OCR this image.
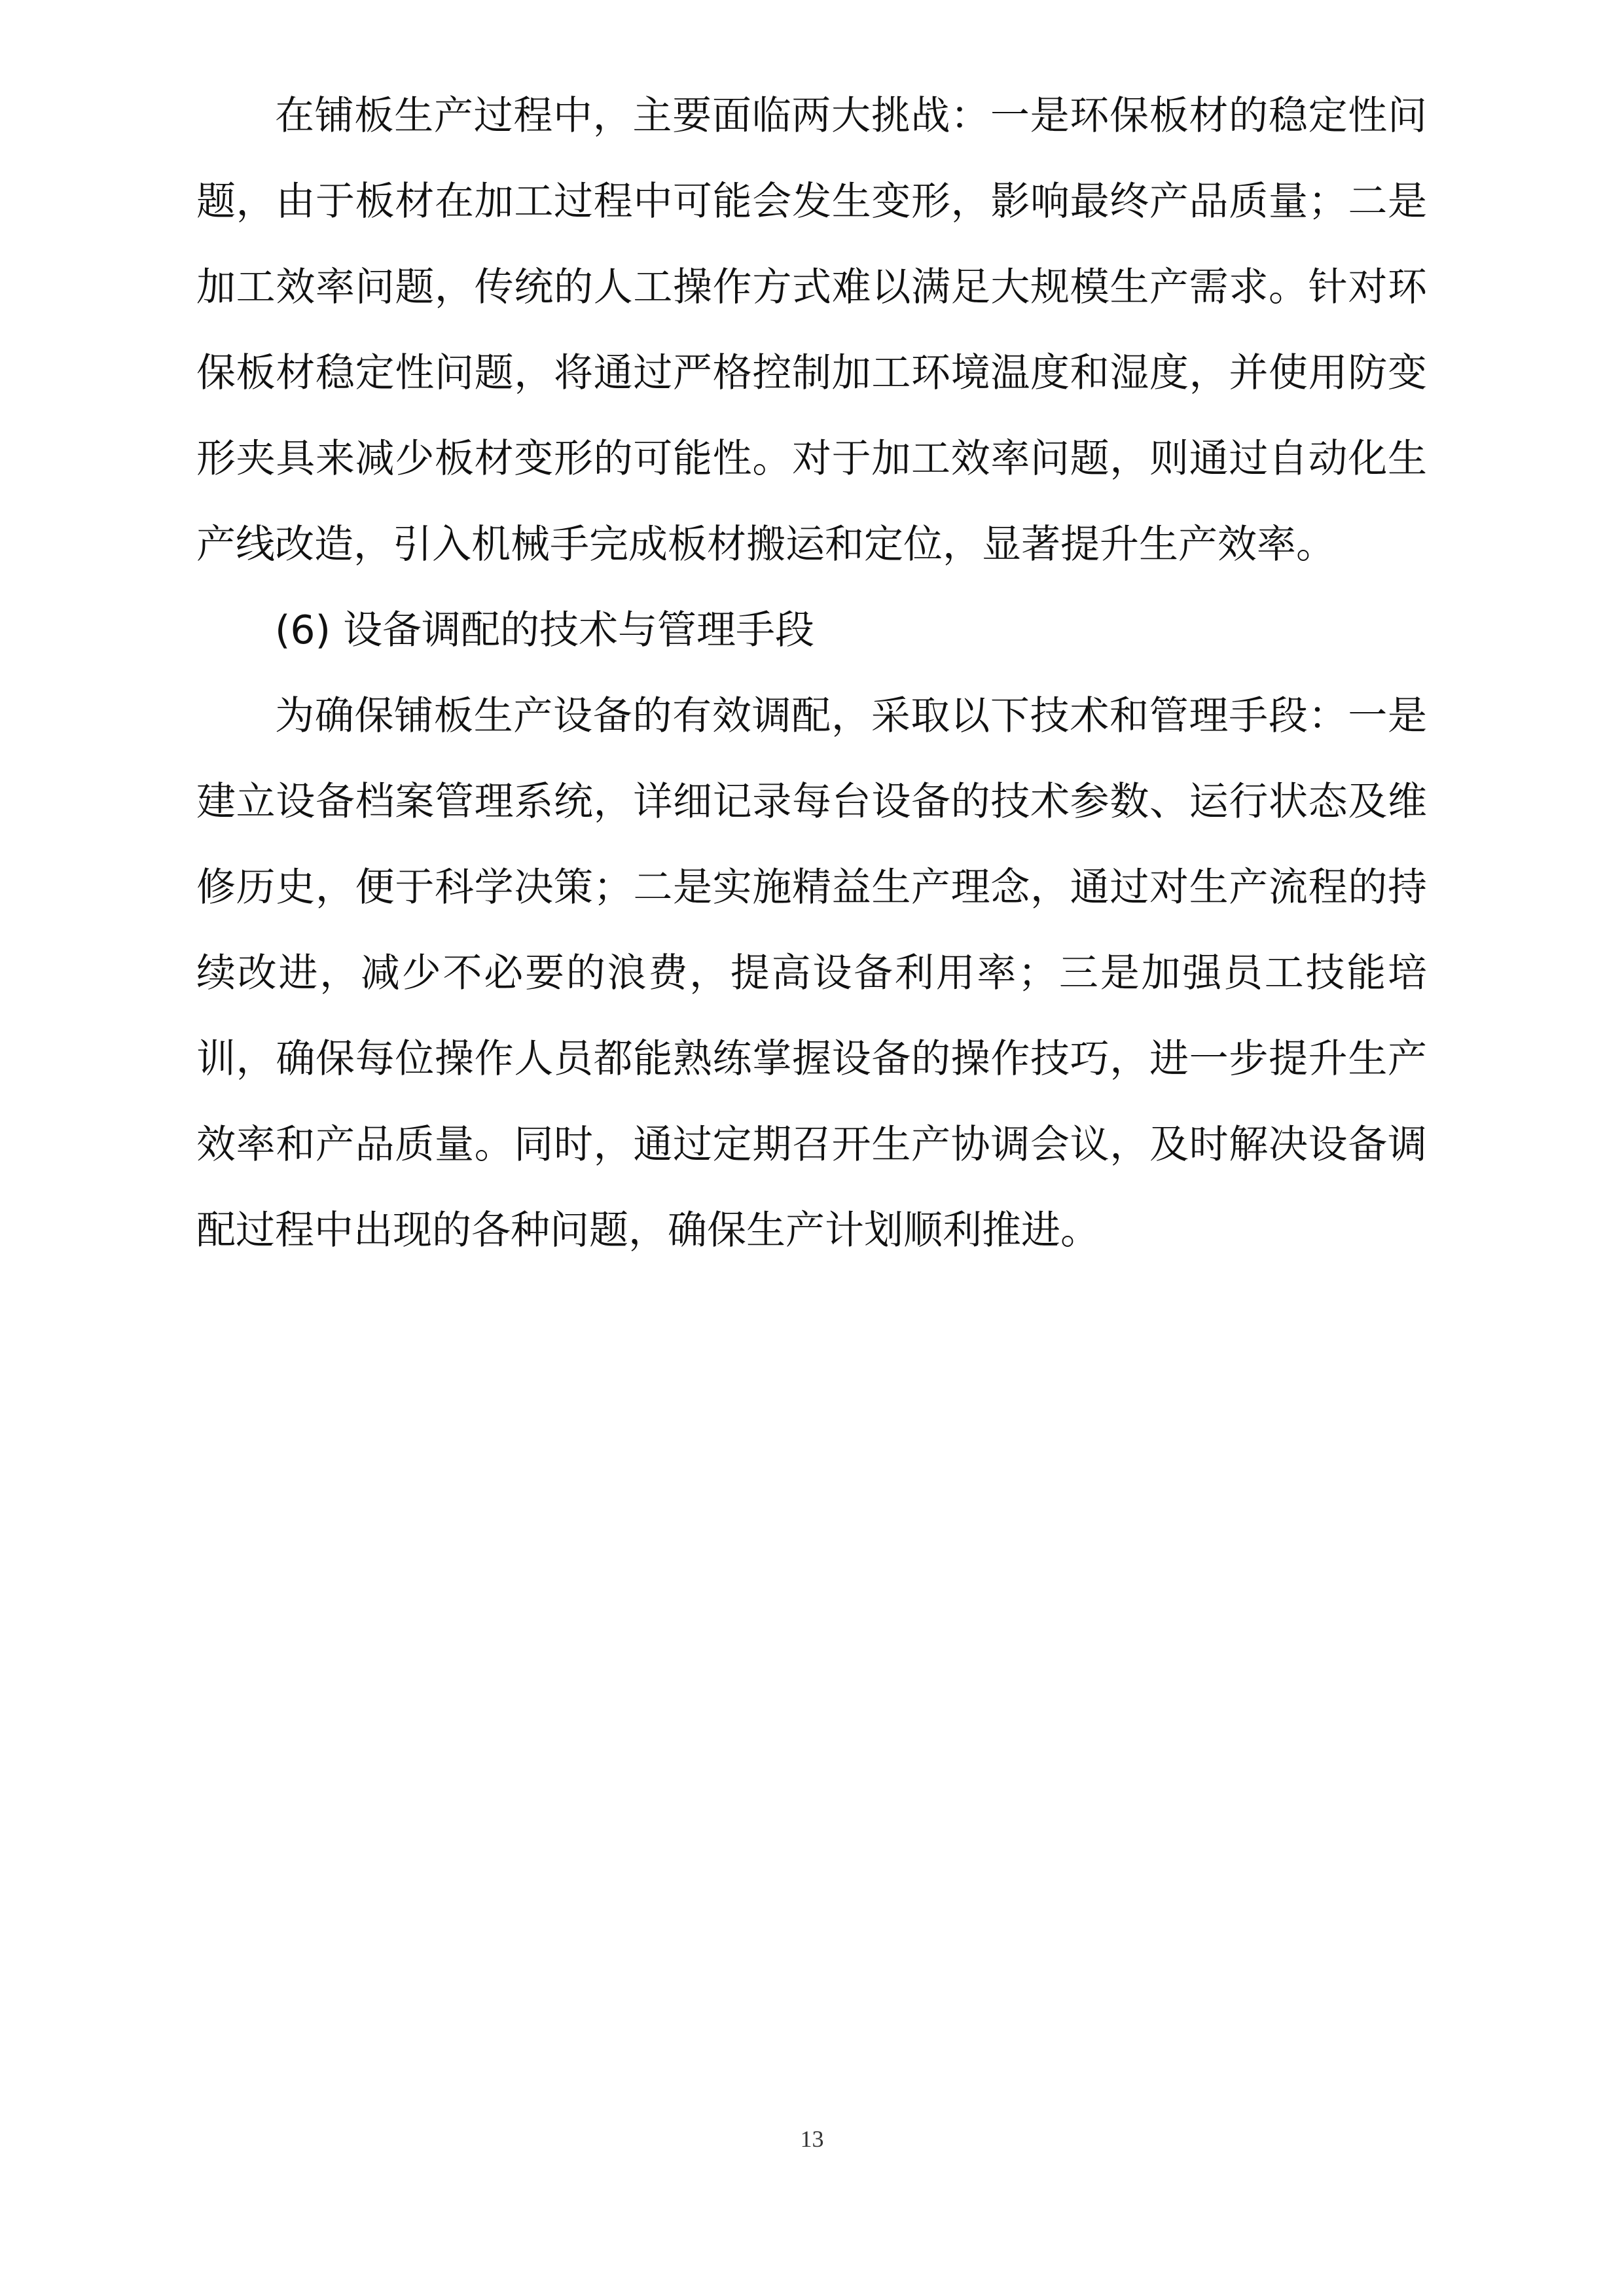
在铺板生产过程中，主要面临两大挑战：一是环保板材的稳定性问题，由于板材在加工过程中可能会发生变形，影响最终产品质量；二是加工效率问题，传统的人工操作方式难以满足大规模生产需求。针对环保板材稳定性问题，将通过严格控制加工环境温度和湿度，并使用防变形夹具来减少板材变形的可能性。对于加工效率问题，则通过自动化生产线改造，引入机械手完成板材搬运和定位，显著提升生产效率。

(6) 设备调配的技术与管理手段

为确保铺板生产设备的有效调配，采取以下技术和管理手段：一是建立设备档案管理系统，详细记录每台设备的技术参数、运行状态及维修历史，便于科学决策；二是实施精益生产理念，通过对生产流程的持续改进，减少不必要的浪费，提高设备利用率；三是加强员工技能培训，确保每位操作人员都能熟练掌握设备的操作技巧，进一步提升生产效率和产品质量。同时，通过定期召开生产协调会议，及时解决设备调配过程中出现的各种问题，确保生产计划顺利推进。

13
